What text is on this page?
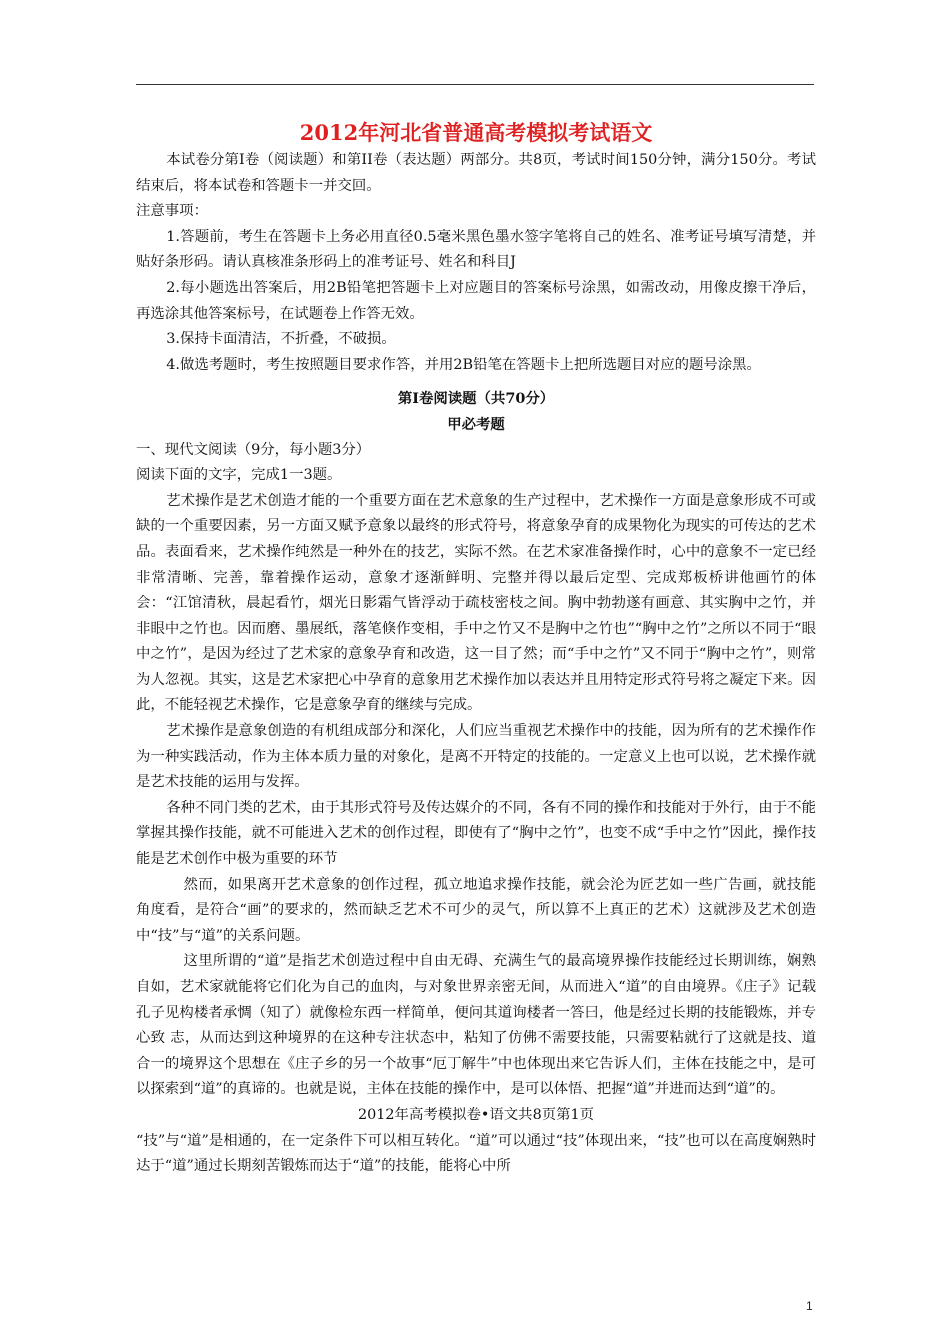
2012年河北省普通高考模拟考试语文

本试卷分第Ⅰ卷（阅读题）和第II卷（表达题）两部分。共8页，考试时间150分钟，满分150分。考试结束后，将本试卷和答题卡一并交回。

注意事项：

1.答题前，考生在答题卡上务必用直径0.5毫米黑色墨水签字笔将自己的姓名、准考证号填写清楚，并贴好条形码。请认真核准条形码上的准考证号、姓名和科目J

2.每小题选出答案后，用2B铅笔把答题卡上对应题目的答案标号涂黑，如需改动，用像皮擦干净后，再选涂其他答案标号，在试题卷上作答无效。

3.保持卡面清洁，不折叠，不破损。

4.做选考题时，考生按照题目要求作答，并用2B铅笔在答题卡上把所选题目对应的题号涂黑。

第Ⅰ卷阅读题（共70分）

甲必考题

一、现代文阅读（9分，每小题3分）

阅读下面的文字，完成1一3题。

艺术操作是艺术创造才能的一个重要方面在艺术意象的生产过程中，艺术操作一方面是意象形成不可或缺的一个重要因素，另一方面又赋予意象以最终的形式符号，将意象孕育的成果物化为现实的可传达的艺术品。表面看来，艺术操作纯然是一种外在的技艺，实际不然。在艺术家准备操作时，心中的意象不一定已经非常清晰、完善，靠着操作运动，意象才逐渐鲜明、完整并得以最后定型、完成郑板桥讲他画竹的体会：“江馆清秋，晨起看竹，烟光日影霜气皆浮动于疏枝密枝之间。胸中勃勃遂有画意、其实胸中之竹，并非眼中之竹也。因而磨、墨展纸，落笔倏作变相，手中之竹又不是胸中之竹也”“胸中之竹”之所以不同于“眼中之竹”，是因为经过了艺术家的意象孕育和改造，这一目了然；而“手中之竹”又不同于“胸中之竹”，则常为人忽视。其实，这是艺术家把心中孕育的意象用艺术操作加以表达并且用特定形式符号将之凝定下来。因此，不能轻视艺术操作，它是意象孕育的继续与完成。

艺术操作是意象创造的有机组成部分和深化，人们应当重视艺术操作中的技能，因为所有的艺术操作作为一种实践活动，作为主体本质力量的对象化，是离不开特定的技能的。一定意义上也可以说，艺术操作就是艺术技能的运用与发挥。

各种不同门类的艺术，由于其形式符号及传达媒介的不同，各有不同的操作和技能对于外行，由于不能掌握其操作技能，就不可能进入艺术的创作过程，即使有了“胸中之竹”，也变不成“手中之竹”因此，操作技能是艺术创作中极为重要的环节

然而，如果离开艺术意象的创作过程，孤立地追求操作技能，就会沦为匠艺如一些广告画，就技能角度看，是符合“画”的要求的，然而缺乏艺术不可少的灵气，所以算不上真正的艺术）这就涉及艺术创造中“技”与“道”的关系问题。

这里所谓的“道”是指艺术创造过程中自由无碍、充满生气的最高境界操作技能经过长期训练，娴熟自如，艺术家就能将它们化为自己的血肉，与对象世界亲密无间，从而进入“道”的自由境界。《庄子》记载孔子见构楼者承惆（知了）就像检东西一样简单，便问其道询楼者一答曰，他是经过长期的技能锻炼，并专心致 志，从而达到这种境界的在这种专注状态中，粘知了仿佛不需要技能，只需要粘就行了这就是技、道合一的境界这个思想在《庄子乡的另一个故事“厄丁解牛”中也体现出来它告诉人们，主体在技能之中，是可以探索到“道”的真谛的。也就是说，主体在技能的操作中，是可以体悟、把握“道”并进而达到“道”的。

2012年高考模拟卷•语文共8页第1页

“技”与“道”是相通的，在一定条件下可以相互转化。“道”可以通过“技”体现出来，“技”也可以在高度娴熟时达于“道”通过长期刻苦锻炼而达于“道”的技能，能将心中所

1
